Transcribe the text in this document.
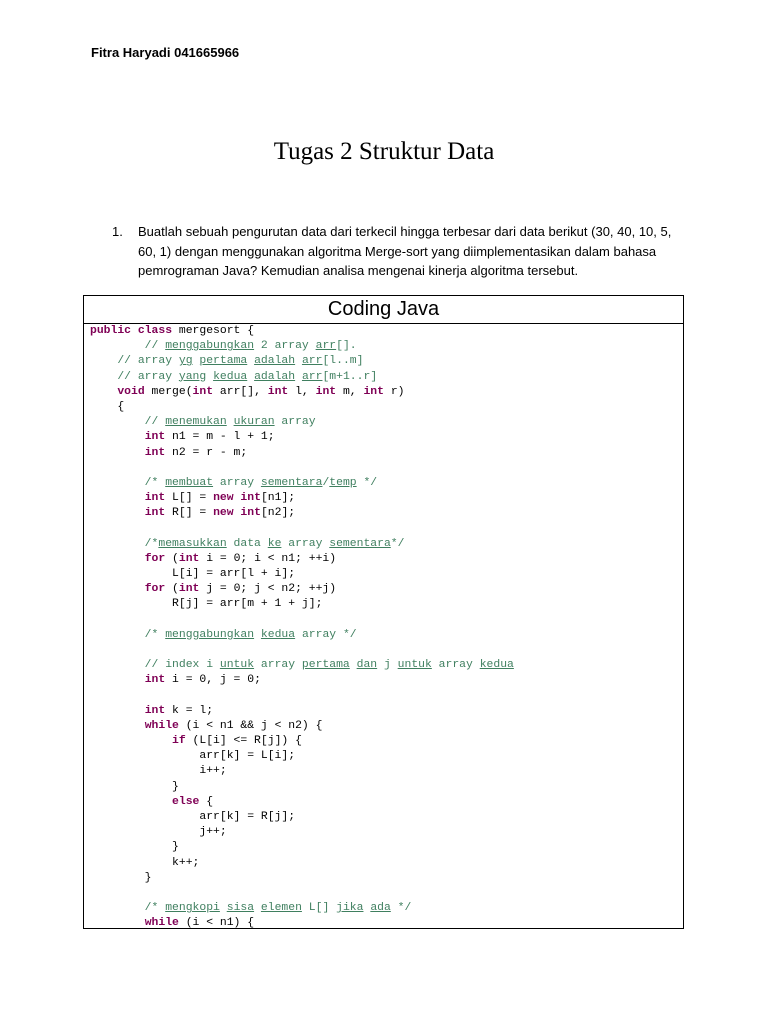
Fitra Haryadi 041665966
Tugas 2 Struktur Data
1.	Buatlah sebuah pengurutan data dari terkecil hingga terbesar dari data berikut (30, 40, 10, 5, 60, 1) dengan menggunakan algoritma Merge-sort yang diimplementasikan dalam bahasa pemrograman Java? Kemudian analisa mengenai kinerja algoritma tersebut.
Coding Java
public class mergesort {
// menggabungkan 2 array arr[].
// array yg pertama adalah arr[l..m]
// array yang kedua adalah arr[m+1..r]
void merge(int arr[], int l, int m, int r)
{
// menemukan ukuran array
int n1 = m - l + 1;
int n2 = r - m;
/* membuat array sementara/temp */
int L[] = new int[n1];
int R[] = new int[n2];
/*memasukkan data ke array sementara*/
for (int i = 0; i < n1; ++i)
L[i] = arr[l + i];
for (int j = 0; j < n2; ++j)
R[j] = arr[m + 1 + j];
/* menggabungkan kedua array */
// index i untuk array pertama dan j untuk array kedua
int i = 0, j = 0;
int k = l;
while (i < n1 && j < n2) {
if (L[i] <= R[j]) {
arr[k] = L[i];
i++;
}
else {
arr[k] = R[j];
j++;
}
k++;
}
/* mengkopi sisa elemen L[] jika ada */
while (i < n1) {
